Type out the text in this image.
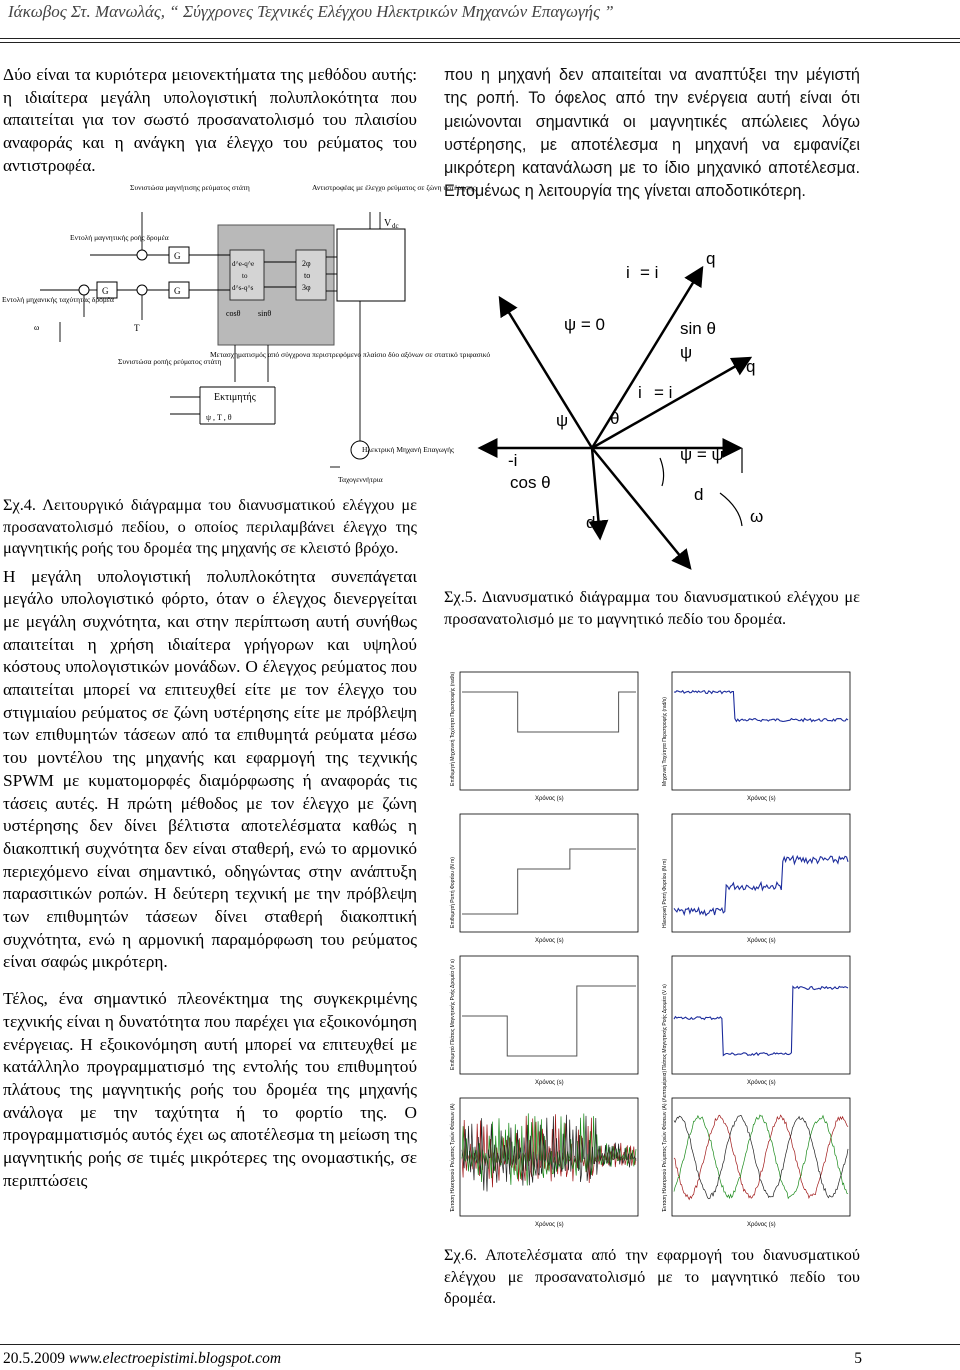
Ιάκωβος Στ. Μανωλάς, “ Σύγχρονες Τεχνικές Ελέγχου Ηλεκτρικών Μηχανών Επαγωγής ”

Δύο είναι τα κυριότερα μειονεκτήματα της μεθόδου αυτής: η ιδιαίτερα μεγάλη υπολογιστική πολυπλοκότητα που απαιτείται για τον σωστό προσανατολισμό του πλαισίου αναφοράς και η ανάγκη για έλεγχο του ρεύματος του αντιστροφέα.

Συνιστώσα μαγνήτισης ρεύματος στάτη	Αντιστροφέας με έλεγχο ρεύματος σε ζώνη υστέρησης
V dc
Εντολή μαγνητικής ροής δρομέα
Εντολή μηχανικής ταχύτητας δρομέα
Συνιστώσα ροπής ρεύματος στάτη
Μετασχηματισμός από σύγχρονα περιστρεφόμενο πλαίσιο δύο αξόνων σε στατικό τριφασικό
Εκτιμητής
Ηλεκτρική Μηχανή Επαγωγής
Ταχογεννήτρια
G
G	G
T
d^e-q^e
to
d^s-q^s
2φ
to
3φ
cosθ sinθ
ω
ψ , T , θ

Σχ.4. Λειτουργικό διάγραμμα του διανυσματικού ελέγχου με προσανατολισμό πεδίου, ο οποίος περιλαμβάνει έλεγχο της μαγνητικής ροής του δρομέα της μηχανής σε κλειστό βρόχο.

Η μεγάλη υπολογιστική πολυπλοκότητα συνεπάγεται μεγάλο υπολογιστικό φόρτο, όταν ο έλεγχος διενεργείται με μεγάλη συχνότητα, και στην περίπτωση αυτή συνήθως απαιτείται η χρήση ιδιαίτερα γρήγορων και υψηλού κόστους υπολογιστικών μονάδων. Ο έλεγχος ρεύματος που απαιτείται μπορεί να επιτευχθεί είτε με τον έλεγχο του στιγμιαίου ρεύματος σε ζώνη υστέρησης είτε με πρόβλεψη των επιθυμητών τάσεων από τα επιθυμητά ρεύματα μέσω του μοντέλου της μηχανής και εφαρμογή της τεχνικής SPWM με κυματομορφές διαμόρφωσης ή αναφοράς τις τάσεις αυτές. Η πρώτη μέθοδος με τον έλεγχο με ζώνη υστέρησης δεν δίνει βέλτιστα αποτελέσματα καθώς η διακοπτική συχνότητα δεν είναι σταθερή, ενώ το αρμονικό περιεχόμενο είναι σημαντικό, οδηγώντας στην ανάπτυξη παρασιτικών ροπών. Η δεύτερη τεχνική με την πρόβλεψη των επιθυμητών τάσεων δίνει σταθερή διακοπτική συχνότητα, ενώ η αρμονική παραμόρφωση του ρεύματος είναι σαφώς μικρότερη.

Τέλος, ένα σημαντικό πλεονέκτημα της συγκεκριμένης τεχνικής είναι η δυνατότητα που παρέχει για εξοικονόμηση ενέργειας. Η εξοικονόμηση αυτή μπορεί να επιτευχθεί με κατάλληλο προγραμματισμό της εντολής του επιθυμητού πλάτους της μαγνητικής ροής του δρομέα της μηχανής ανάλογα με την ταχύτητα ή το φορτίο της. Ο προγραμματισμός αυτός έχει ως αποτέλεσμα τη μείωση της μαγνητικής ροής σε τιμές μικρότερες της ονομαστικής, σε περιπτώσεις

που η μηχανή δεν απαιτείται να αναπτύξει την μέγιστή της ροπή. Το όφελος από την ενέργεια αυτή είναι ότι μειώνονται σημαντικά οι μαγνητικές απώλειες λόγω υστέρησης, με αποτέλεσμα η μηχανή να εμφανίζει μικρότερη κατανάλωση με το ίδιο μηχανικό αποτέλεσμα. Επομένως η λειτουργία της γίνεται αποδοτικότερη.

i = i
q
ψ = 0	sin θ
ψ
q
i = i
ψ θ
ψ = ψ
-i
cos θ
d
d	ω
Σχ.5. Διανυσματικό διάγραμμα του διανυσματικού ελέγχου με προσανατολισμό με το μαγνητικό πεδίο του δρομέα.
Επιθυμητή Μηχανική Ταχύτητα Περιστροφής (rad/s)
Χρόνος (s)
Μηχανική Ταχύτητα Περιστροφής (rad/s)
Χρόνος (s)
Επιθυμητή Ροπή Φορτίου (N m)
Χρόνος (s)
Ηλεκτρική Ροπή Φορτίου (N m)
Χρόνος (s)
Επιθυμητό Πλάτος Μαγνητικής Ροής Δρομέα (V s)
Χρόνος (s)
Πλάτος Μαγνητικής Ροής Δρομέα (V s)
Χρόνος (s)
Ένταση Ηλεκτρικού Ρεύματος Τριών Φάσεων (A)
Χρόνος (s)
Ένταση Ηλεκτρικού Ρεύματος Τριών Φάσεων (A) (Λεπτομέρεια)
Χρόνος (s)
Σχ.6. Αποτελέσματα από την εφαρμογή του διανυσματικού ελέγχου με προσανατολισμό με το μαγνητικό πεδίο του δρομέα.
20.5.2009 www.electroepistimi.blogspot.com	5
